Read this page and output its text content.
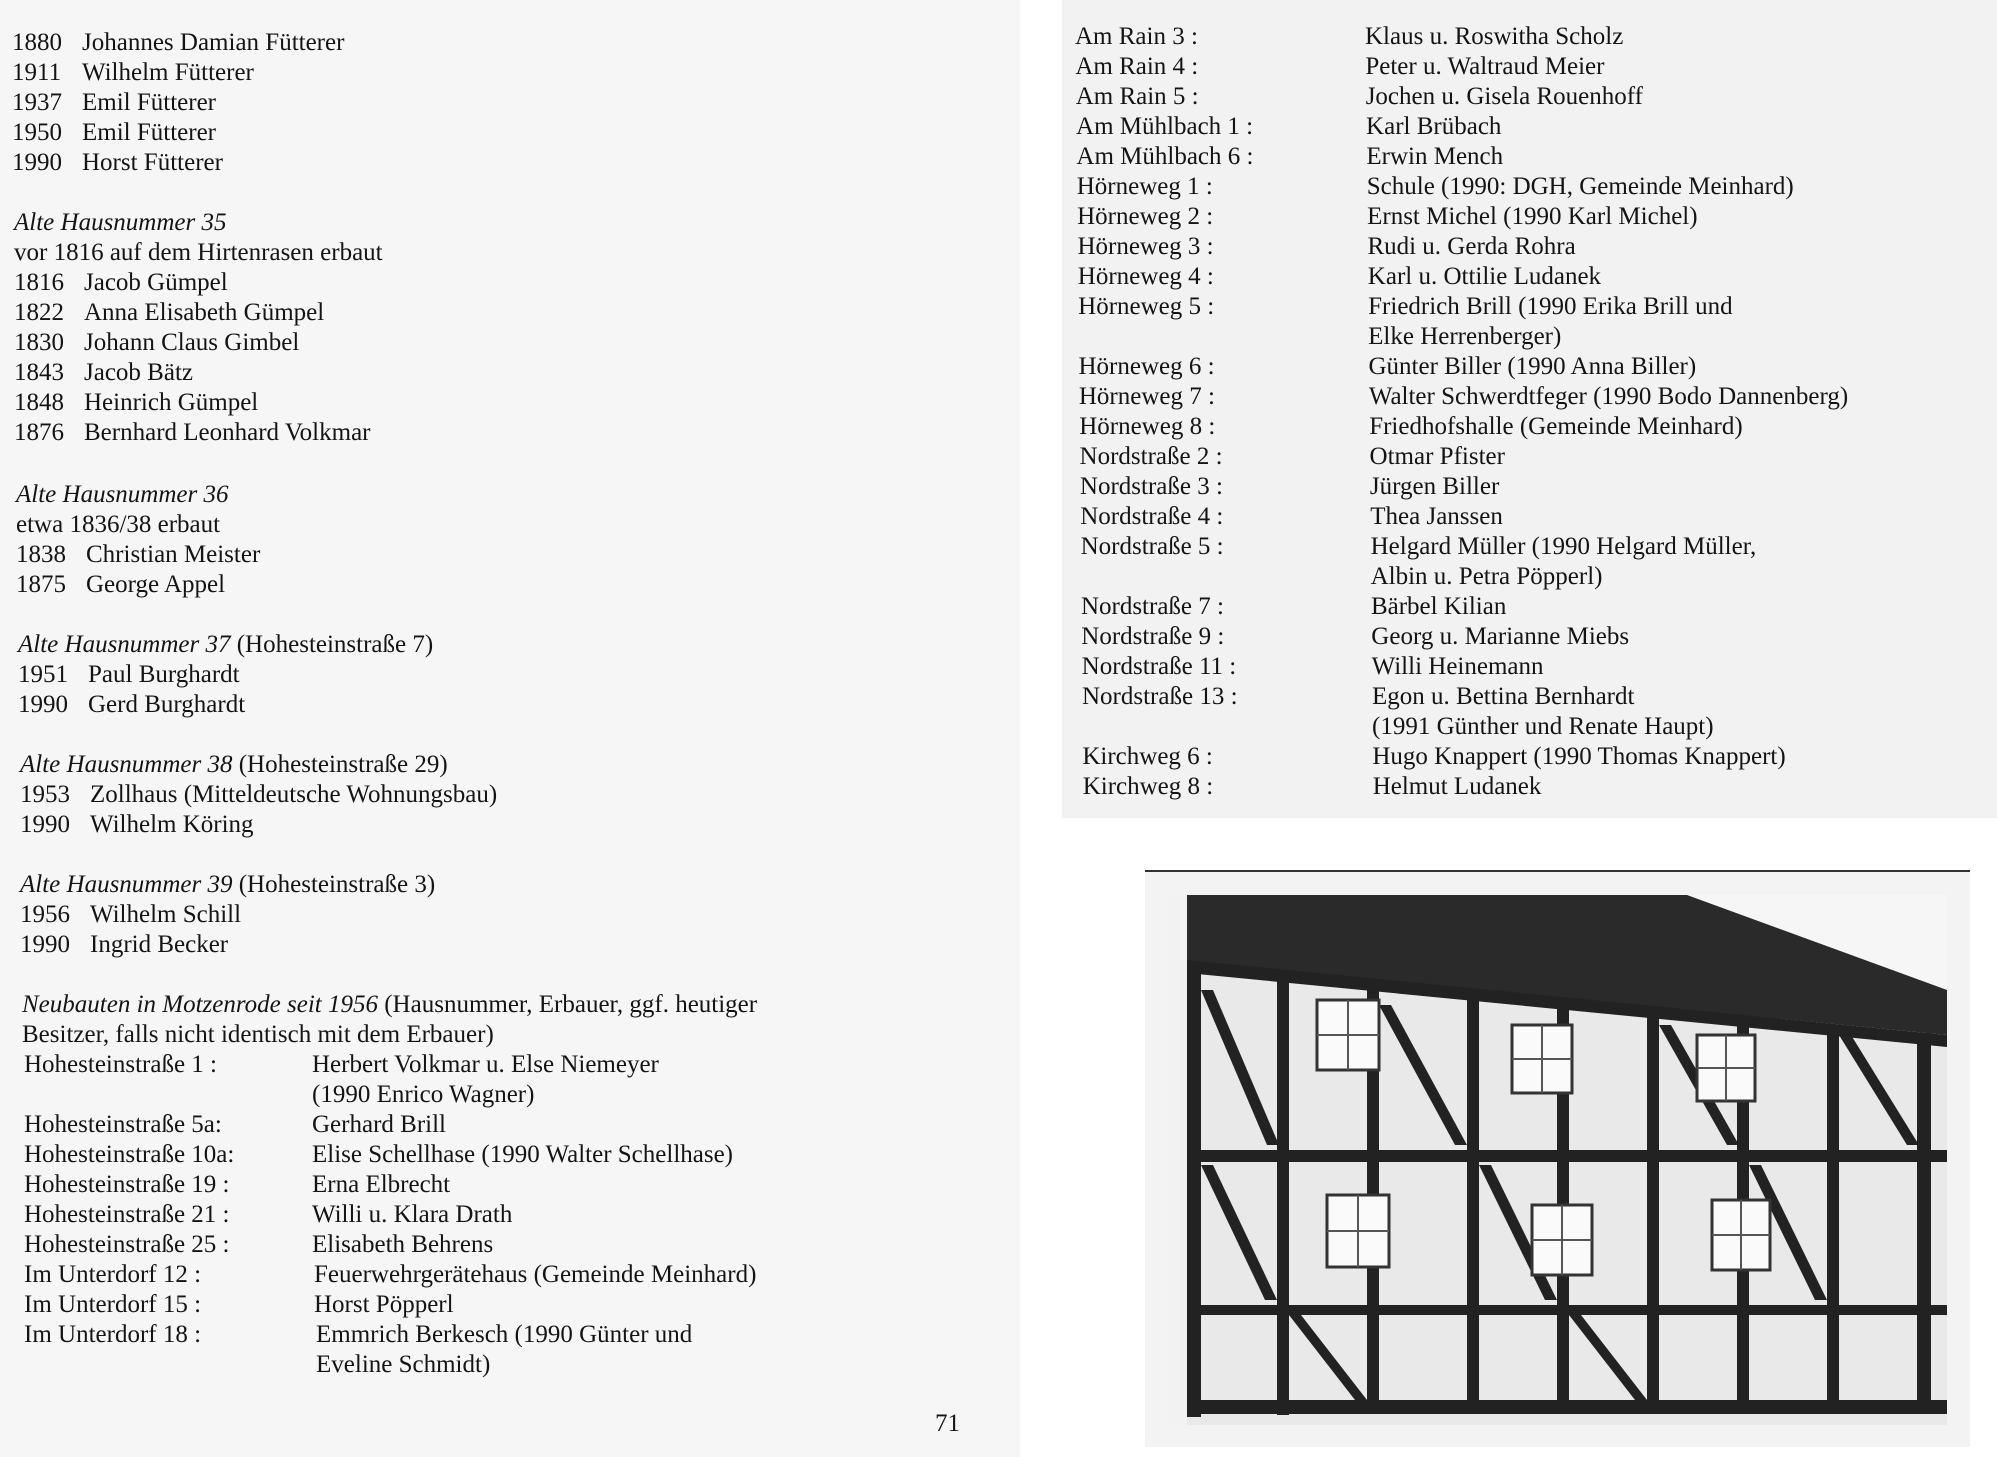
1880 Johannes Damian Fütterer
1911 Wilhelm Fütterer
1937 Emil Fütterer
1950 Emil Fütterer
1990 Horst Fütterer
Alte Hausnummer 35
vor 1816 auf dem Hirtenrasen erbaut
1816 Jacob Gümpel
1822 Anna Elisabeth Gümpel
1830 Johann Claus Gimbel
1843 Jacob Bätz
1848 Heinrich Gümpel
1876 Bernhard Leonhard Volkmar
Alte Hausnummer 36
etwa 1836/38 erbaut
1838 Christian Meister
1875 George Appel
Alte Hausnummer 37 (Hohesteinstraße 7)
1951 Paul Burghardt
1990 Gerd Burghardt
Alte Hausnummer 38 (Hohesteinstraße 29)
1953 Zollhaus (Mitteldeutsche Wohnungsbau)
1990 Wilhelm Köring
Alte Hausnummer 39 (Hohesteinstraße 3)
1956 Wilhelm Schill
1990 Ingrid Becker
Neubauten in Motzenrode seit 1956 (Hausnummer, Erbauer, ggf. heutiger
Besitzer, falls nicht identisch mit dem Erbauer)
Hohesteinstraße 1 :	Herbert Volkmar u. Else Niemeyer
(1990 Enrico Wagner)
Hohesteinstraße 5a:	Gerhard Brill
Hohesteinstraße 10a:	Elise Schellhase (1990 Walter Schellhase)
Hohesteinstraße 19 :	Erna Elbrecht
Hohesteinstraße 21 :	Willi u. Klara Drath
Hohesteinstraße 25 :	Elisabeth Behrens
Im Unterdorf 12 :	Feuerwehrgerätehaus (Gemeinde Meinhard)
Im Unterdorf 15 :	Horst Pöpperl
Im Unterdorf 18 :	Emmrich Berkesch (1990 Günter und
Eveline Schmidt)
71
Am Rain 3 :	Klaus u. Roswitha Scholz
Am Rain 4 :	Peter u. Waltraud Meier
Am Rain 5 :	Jochen u. Gisela Rouenhoff
Am Mühlbach 1 :	Karl Brübach
Am Mühlbach 6 :	Erwin Mench
Hörneweg 1 :	Schule (1990: DGH, Gemeinde Meinhard)
Hörneweg 2 :	Ernst Michel (1990 Karl Michel)
Hörneweg 3 :	Rudi u. Gerda Rohra
Hörneweg 4 :	Karl u. Ottilie Ludanek
Hörneweg 5 :	Friedrich Brill (1990 Erika Brill und
Elke Herrenberger)
Hörneweg 6 :	Günter Biller (1990 Anna Biller)
Hörneweg 7 :	Walter Schwerdtfeger (1990 Bodo Dannenberg)
Hörneweg 8 :	Friedhofshalle (Gemeinde Meinhard)
Nordstraße 2 :	Otmar Pfister
Nordstraße 3 :	Jürgen Biller
Nordstraße 4 :	Thea Janssen
Nordstraße 5 :	Helgard Müller (1990 Helgard Müller,
Albin u. Petra Pöpperl)
Nordstraße 7 :	Bärbel Kilian
Nordstraße 9 :	Georg u. Marianne Miebs
Nordstraße 11 :	Willi Heinemann
Nordstraße 13 :	Egon u. Bettina Bernhardt
(1991 Günther und Renate Haupt)
Kirchweg 6 :	Hugo Knappert (1990 Thomas Knappert)
Kirchweg 8 :	Helmut Ludanek
